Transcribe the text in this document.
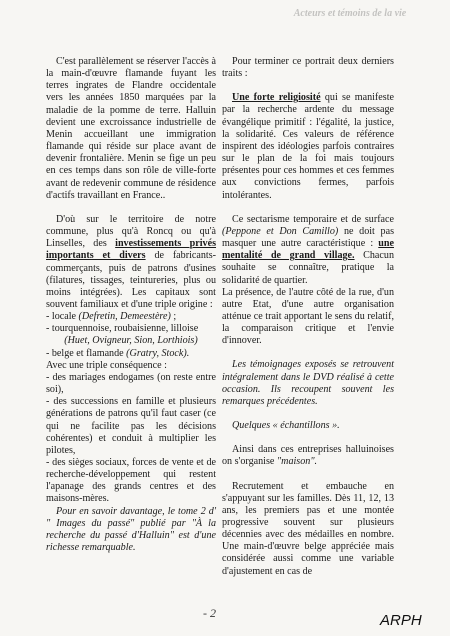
Acteurs et témoins de la vie

C'est parallèlement se réserver l'accès à la main-d'œuvre flamande fuyant les terres ingrates de Flandre occidentale vers les années 1850 marquées par la maladie de la pomme de terre. Halluin devient une excroissance industrielle de Menin accueillant une immigration flamande qui réside sur place avant de devenir frontalière. Menin se fige un peu en ces temps dans son rôle de ville-forte avant de redevenir commune de résidence d'actifs travaillant en France..

D'où sur le territoire de notre commune, plus qu'à Roncq ou qu'à Linselles, des investissements privés importants et divers de fabricants-commerçants, puis de patrons d'usines (filatures, tissages, teintureries, plus ou moins intégrées). Les capitaux sont souvent familiaux et d'une triple origine :

- locale (Defretin, Demeestère) ;
- tourquennoise, roubaisienne, lilloise
(Huet, Ovigneur, Sion, Lorthiois)
- belge et flamande (Gratry, Stock).
Avec une triple conséquence :
- des mariages endogames (on reste entre soi),
- des successions en famille et plusieurs générations de patrons qu'il faut caser (ce qui ne facilite pas les décisions cohérentes) et conduit à multiplier les pilotes,
- des sièges sociaux, forces de vente et de recherche-développement qui restent l'apanage des grands centres et des maisons-mères.

Pour en savoir davantage, le tome 2 d' " Images du passé" publié par "À la recherche du passé d'Halluin" est d'une richesse remarquable.

Pour terminer ce portrait deux derniers traits :

Une forte religiosité qui se manifeste par la recherche ardente du message évangélique primitif : l'égalité, la justice, la solidarité. Ces valeurs de référence inspirent des idéologies parfois contraires sur le plan de la foi mais toujours présentes pour ces hommes et ces femmes aux convictions fermes, parfois intolérantes.

Ce sectarisme temporaire et de surface (Peppone et Don Camillo) ne doit pas masquer une autre caractéristique : une mentalité de grand village. Chacun souhaite se connaître, pratique la solidarité de quartier.

La présence, de l'autre côté de la rue, d'un autre Etat, d'une autre organisation atténue ce trait apportant le sens du relatif, la comparaison critique et l'envie d'innover.

Les témoignages exposés se retrouvent intégralement dans le DVD réalisé à cette occasion. Ils recoupent souvent les remarques précédentes.

Quelques « échantillons ».

Ainsi dans ces entreprises halluinoises on s'organise "maison".

Recrutement et embauche en s'appuyant sur les familles. Dès 11, 12, 13 ans, les premiers pas et une montée progressive souvent sur plusieurs décennies avec des médailles en nombre. Une main-d'œuvre belge appréciée mais considérée aussi comme une variable d'ajustement en cas de

- 2	ARPH
